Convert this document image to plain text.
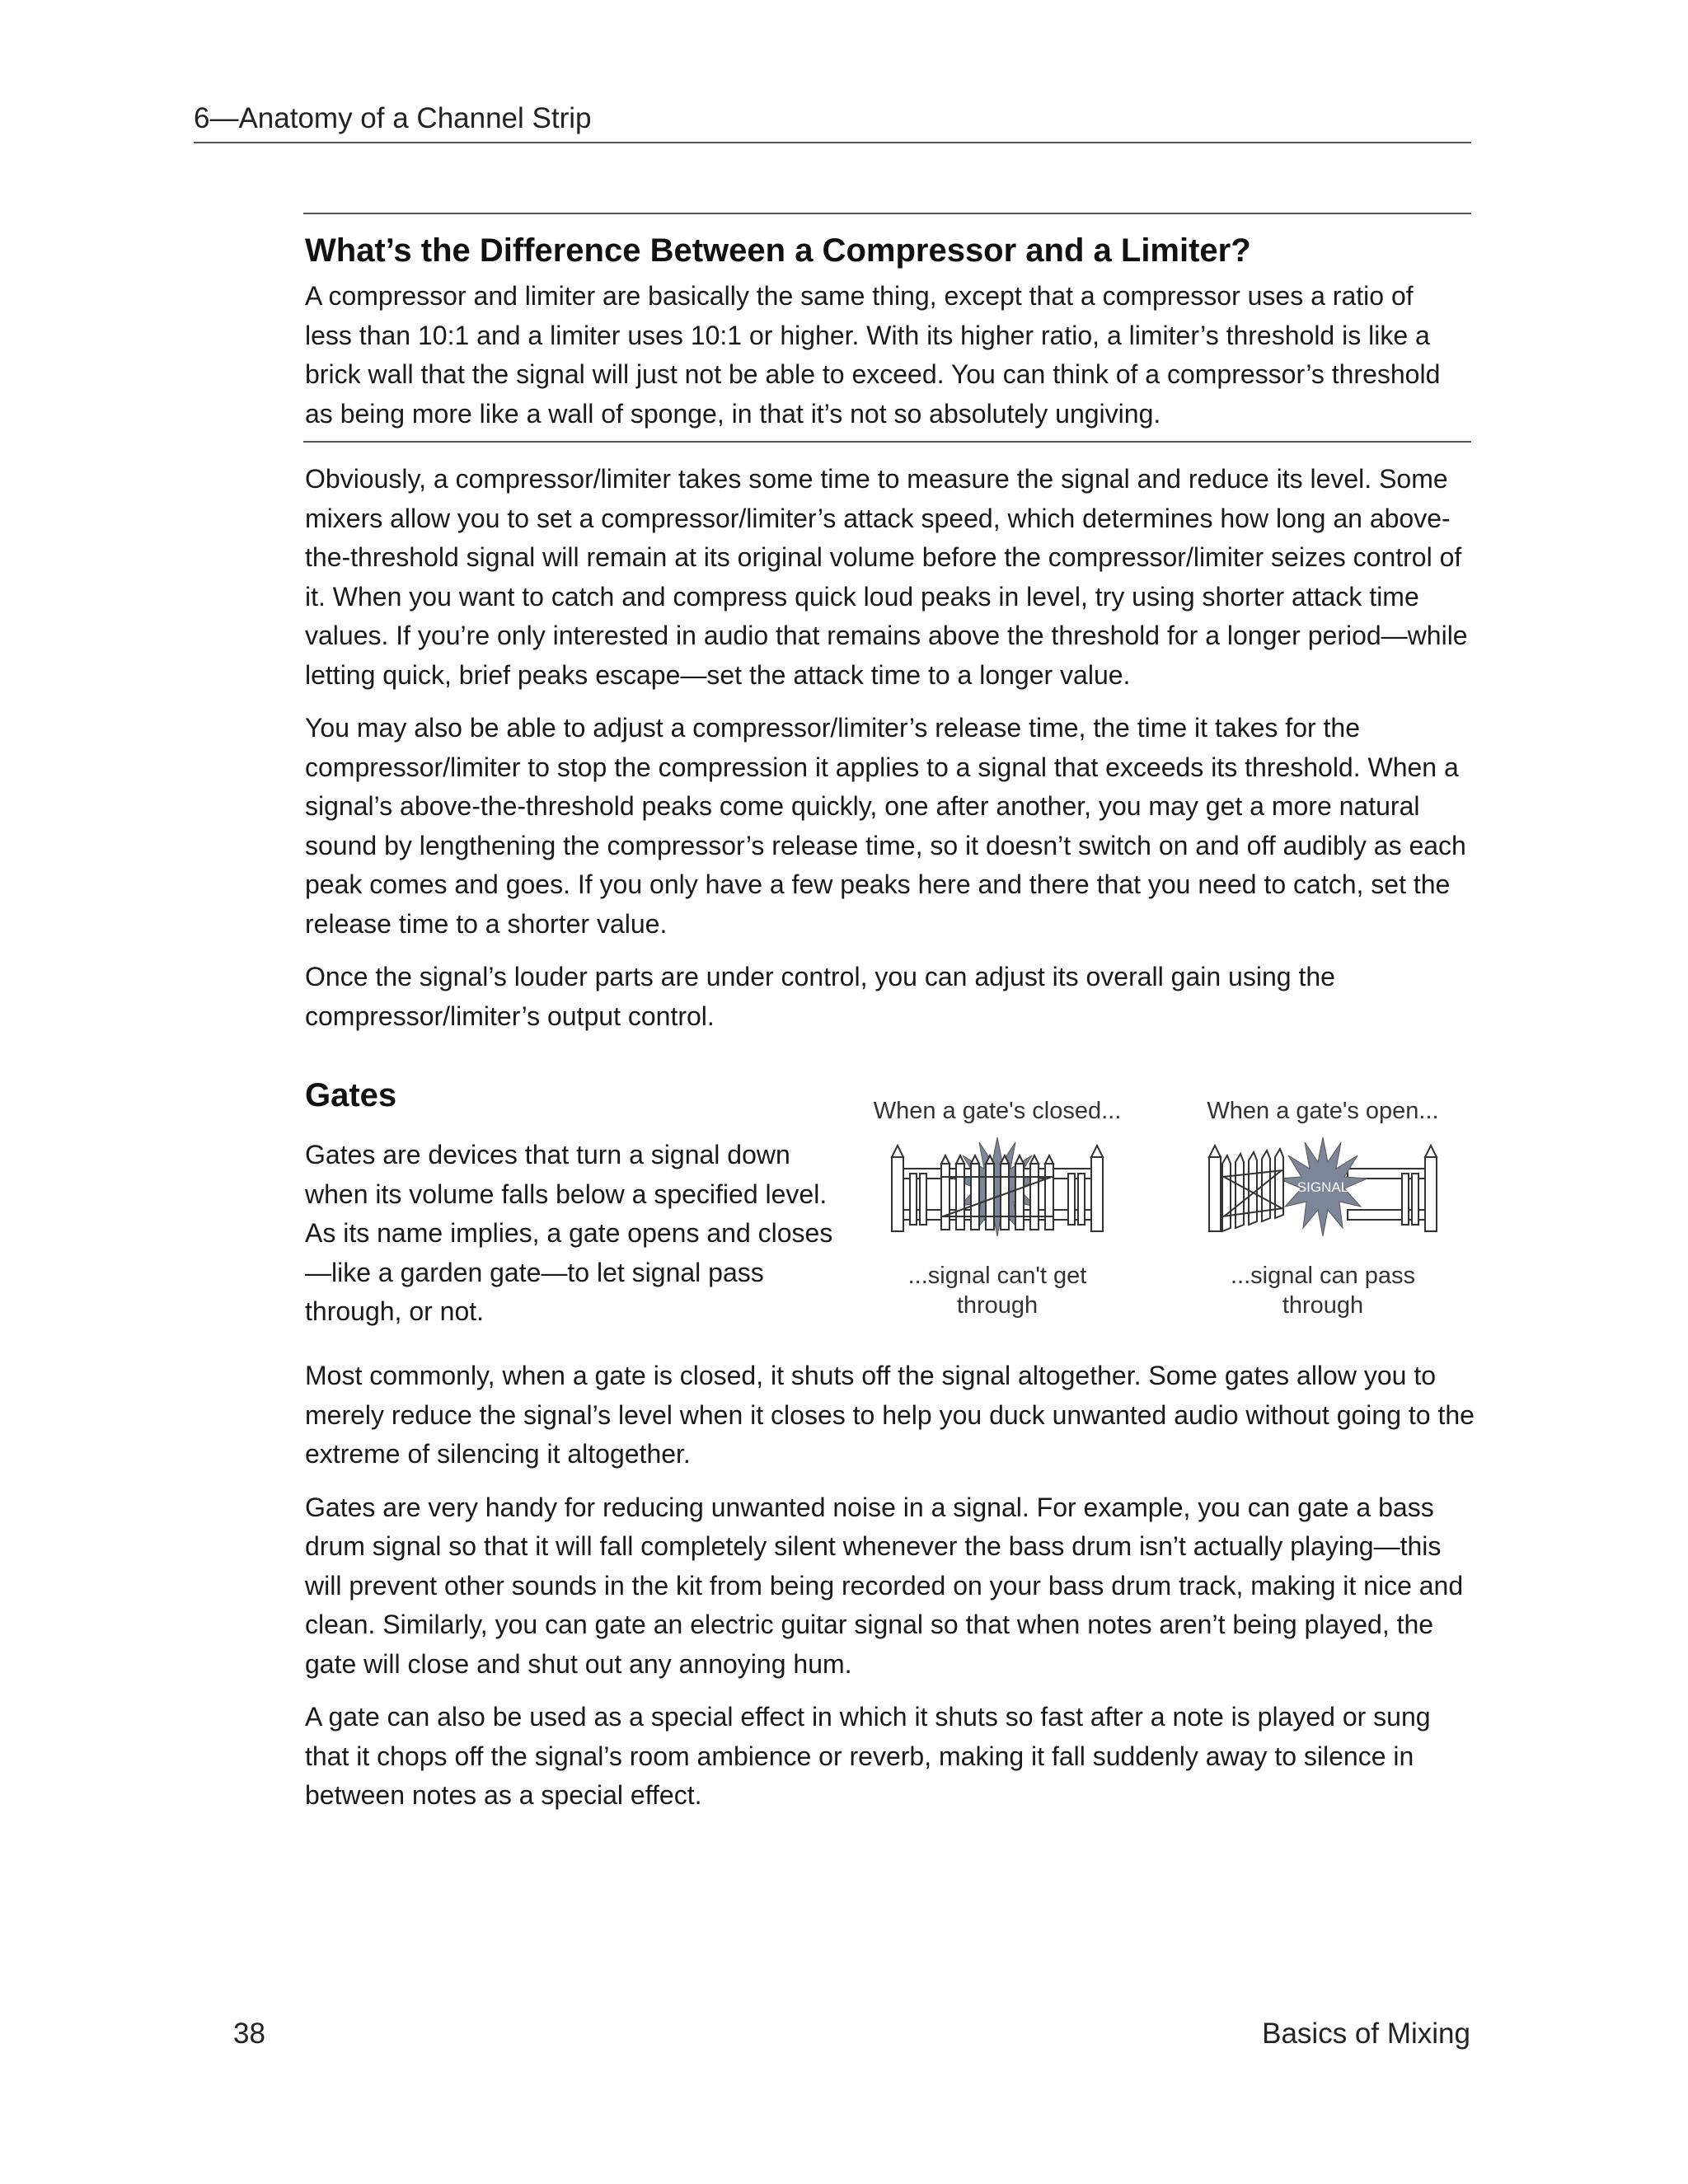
6—Anatomy of a Channel Strip
What’s the Difference Between a Compressor and a Limiter?
A compressor and limiter are basically the same thing, except that a compressor uses a ratio of less than 10:1 and a limiter uses 10:1 or higher. With its higher ratio, a limiter’s threshold is like a brick wall that the signal will just not be able to exceed. You can think of a compressor’s threshold as being more like a wall of sponge, in that it’s not so absolutely ungiving.

Obviously, a compressor/limiter takes some time to measure the signal and reduce its level. Some mixers allow you to set a compressor/limiter’s attack speed, which determines how long an above-the-threshold signal will remain at its original volume before the compressor/limiter seizes control of it. When you want to catch and compress quick loud peaks in level, try using shorter attack time values. If you’re only interested in audio that remains above the threshold for a longer period—while letting quick, brief peaks escape—set the attack time to a longer value.

You may also be able to adjust a compressor/limiter’s release time, the time it takes for the compressor/limiter to stop the compression it applies to a signal that exceeds its threshold. When a signal’s above-the-threshold peaks come quickly, one after another, you may get a more natural sound by lengthening the compressor’s release time, so it doesn’t switch on and off audibly as each peak comes and goes. If you only have a few peaks here and there that you need to catch, set the release time to a shorter value.

Once the signal’s louder parts are under control, you can adjust its overall gain using the compressor/limiter’s output control.

Gates
Gates are devices that turn a signal down when its volume falls below a specified level. As its name implies, a gate opens and closes—like a garden gate—to let signal pass through, or not.
When a gate's closed...	When a gate's open...
SIGNAL
...signal can't get through
...signal can pass through

Most commonly, when a gate is closed, it shuts off the signal altogether. Some gates allow you to merely reduce the signal’s level when it closes to help you duck unwanted audio without going to the extreme of silencing it altogether.

Gates are very handy for reducing unwanted noise in a signal. For example, you can gate a bass drum signal so that it will fall completely silent whenever the bass drum isn’t actually playing—this will prevent other sounds in the kit from being recorded on your bass drum track, making it nice and clean. Similarly, you can gate an electric guitar signal so that when notes aren’t being played, the gate will close and shut out any annoying hum.

A gate can also be used as a special effect in which it shuts so fast after a note is played or sung that it chops off the signal’s room ambience or reverb, making it fall suddenly away to silence in between notes as a special effect.

38	Basics of Mixing
